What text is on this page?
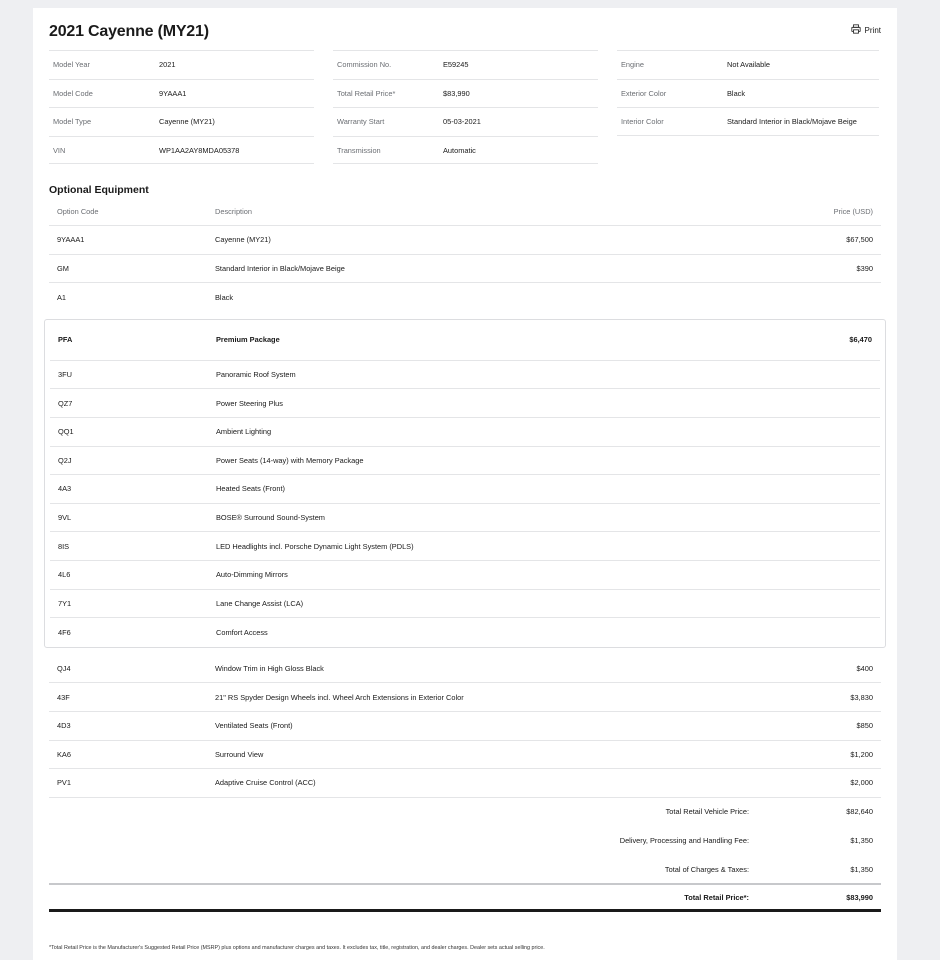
2021 Cayenne (MY21)	Print
Model Year	2021
Model Code	9YAAA1
Model Type	Cayenne (MY21)
VIN	WP1AA2AY8MDA05378
Commission No.	E59245
Total Retail Price*	$83,990
Warranty Start	05-03-2021
Transmission	Automatic
Engine	Not Available
Exterior Color	Black
Interior Color	Standard Interior in Black/Mojave Beige
Optional Equipment
Option Code	Description	Price (USD)
9YAAA1	Cayenne (MY21)	$67,500
GM	Standard Interior in Black/Mojave Beige	$390
A1	Black
PFA	Premium Package	$6,470
3FU	Panoramic Roof System
QZ7	Power Steering Plus
QQ1	Ambient Lighting
Q2J	Power Seats (14-way) with Memory Package
4A3	Heated Seats (Front)
9VL	BOSE® Surround Sound-System
8IS	LED Headlights incl. Porsche Dynamic Light System (PDLS)
4L6	Auto-Dimming Mirrors
7Y1	Lane Change Assist (LCA)
4F6	Comfort Access
QJ4	Window Trim in High Gloss Black	$400
43F	21" RS Spyder Design Wheels incl. Wheel Arch Extensions in Exterior Color	$3,830
4D3	Ventilated Seats (Front)	$850
KA6	Surround View	$1,200
PV1	Adaptive Cruise Control (ACC)	$2,000
Total Retail Vehicle Price:	$82,640
Delivery, Processing and Handling Fee:	$1,350
Total of Charges & Taxes:	$1,350
Total Retail Price*:	$83,990
*Total Retail Price is the Manufacturer's Suggested Retail Price (MSRP) plus options and manufacturer charges and taxes. It excludes tax, title, registration, and dealer charges. Dealer sets actual selling price.
